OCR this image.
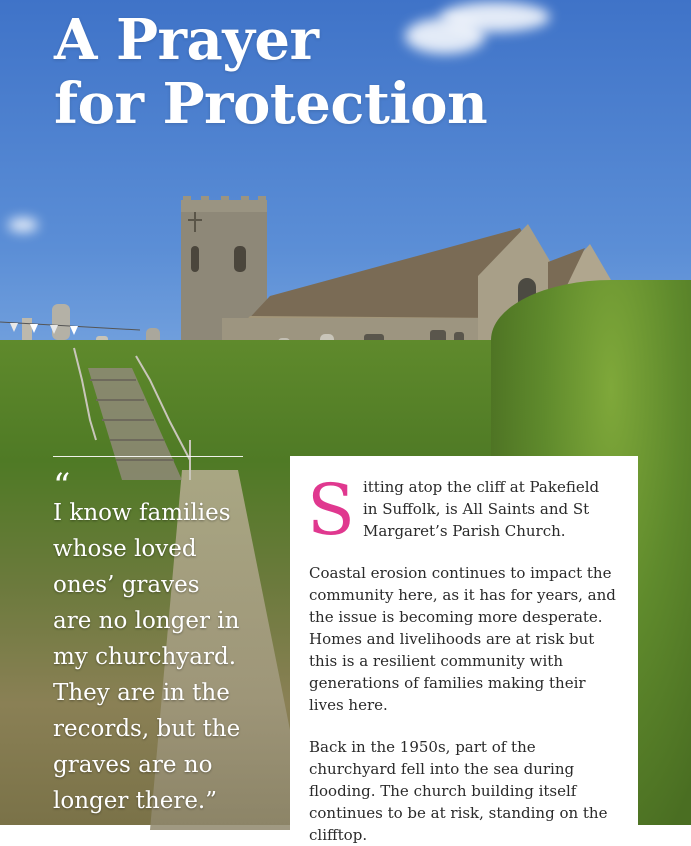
A Prayer
for Protection
“

I know families whose loved ones’ graves are no longer in my churchyard. They are in the records, but the graves are no longer there.”

S itting atop the cliff at Pakefield in Suffolk, is All Saints and St Margaret’s Parish Church.

Coastal erosion continues to impact the community here, as it has for years, and the issue is becoming more desperate. Homes and livelihoods are at risk but this is a resilient community with generations of families making their lives here.

Back in the 1950s, part of the churchyard fell into the sea during flooding. The church building itself continues to be at risk, standing on the clifftop.
